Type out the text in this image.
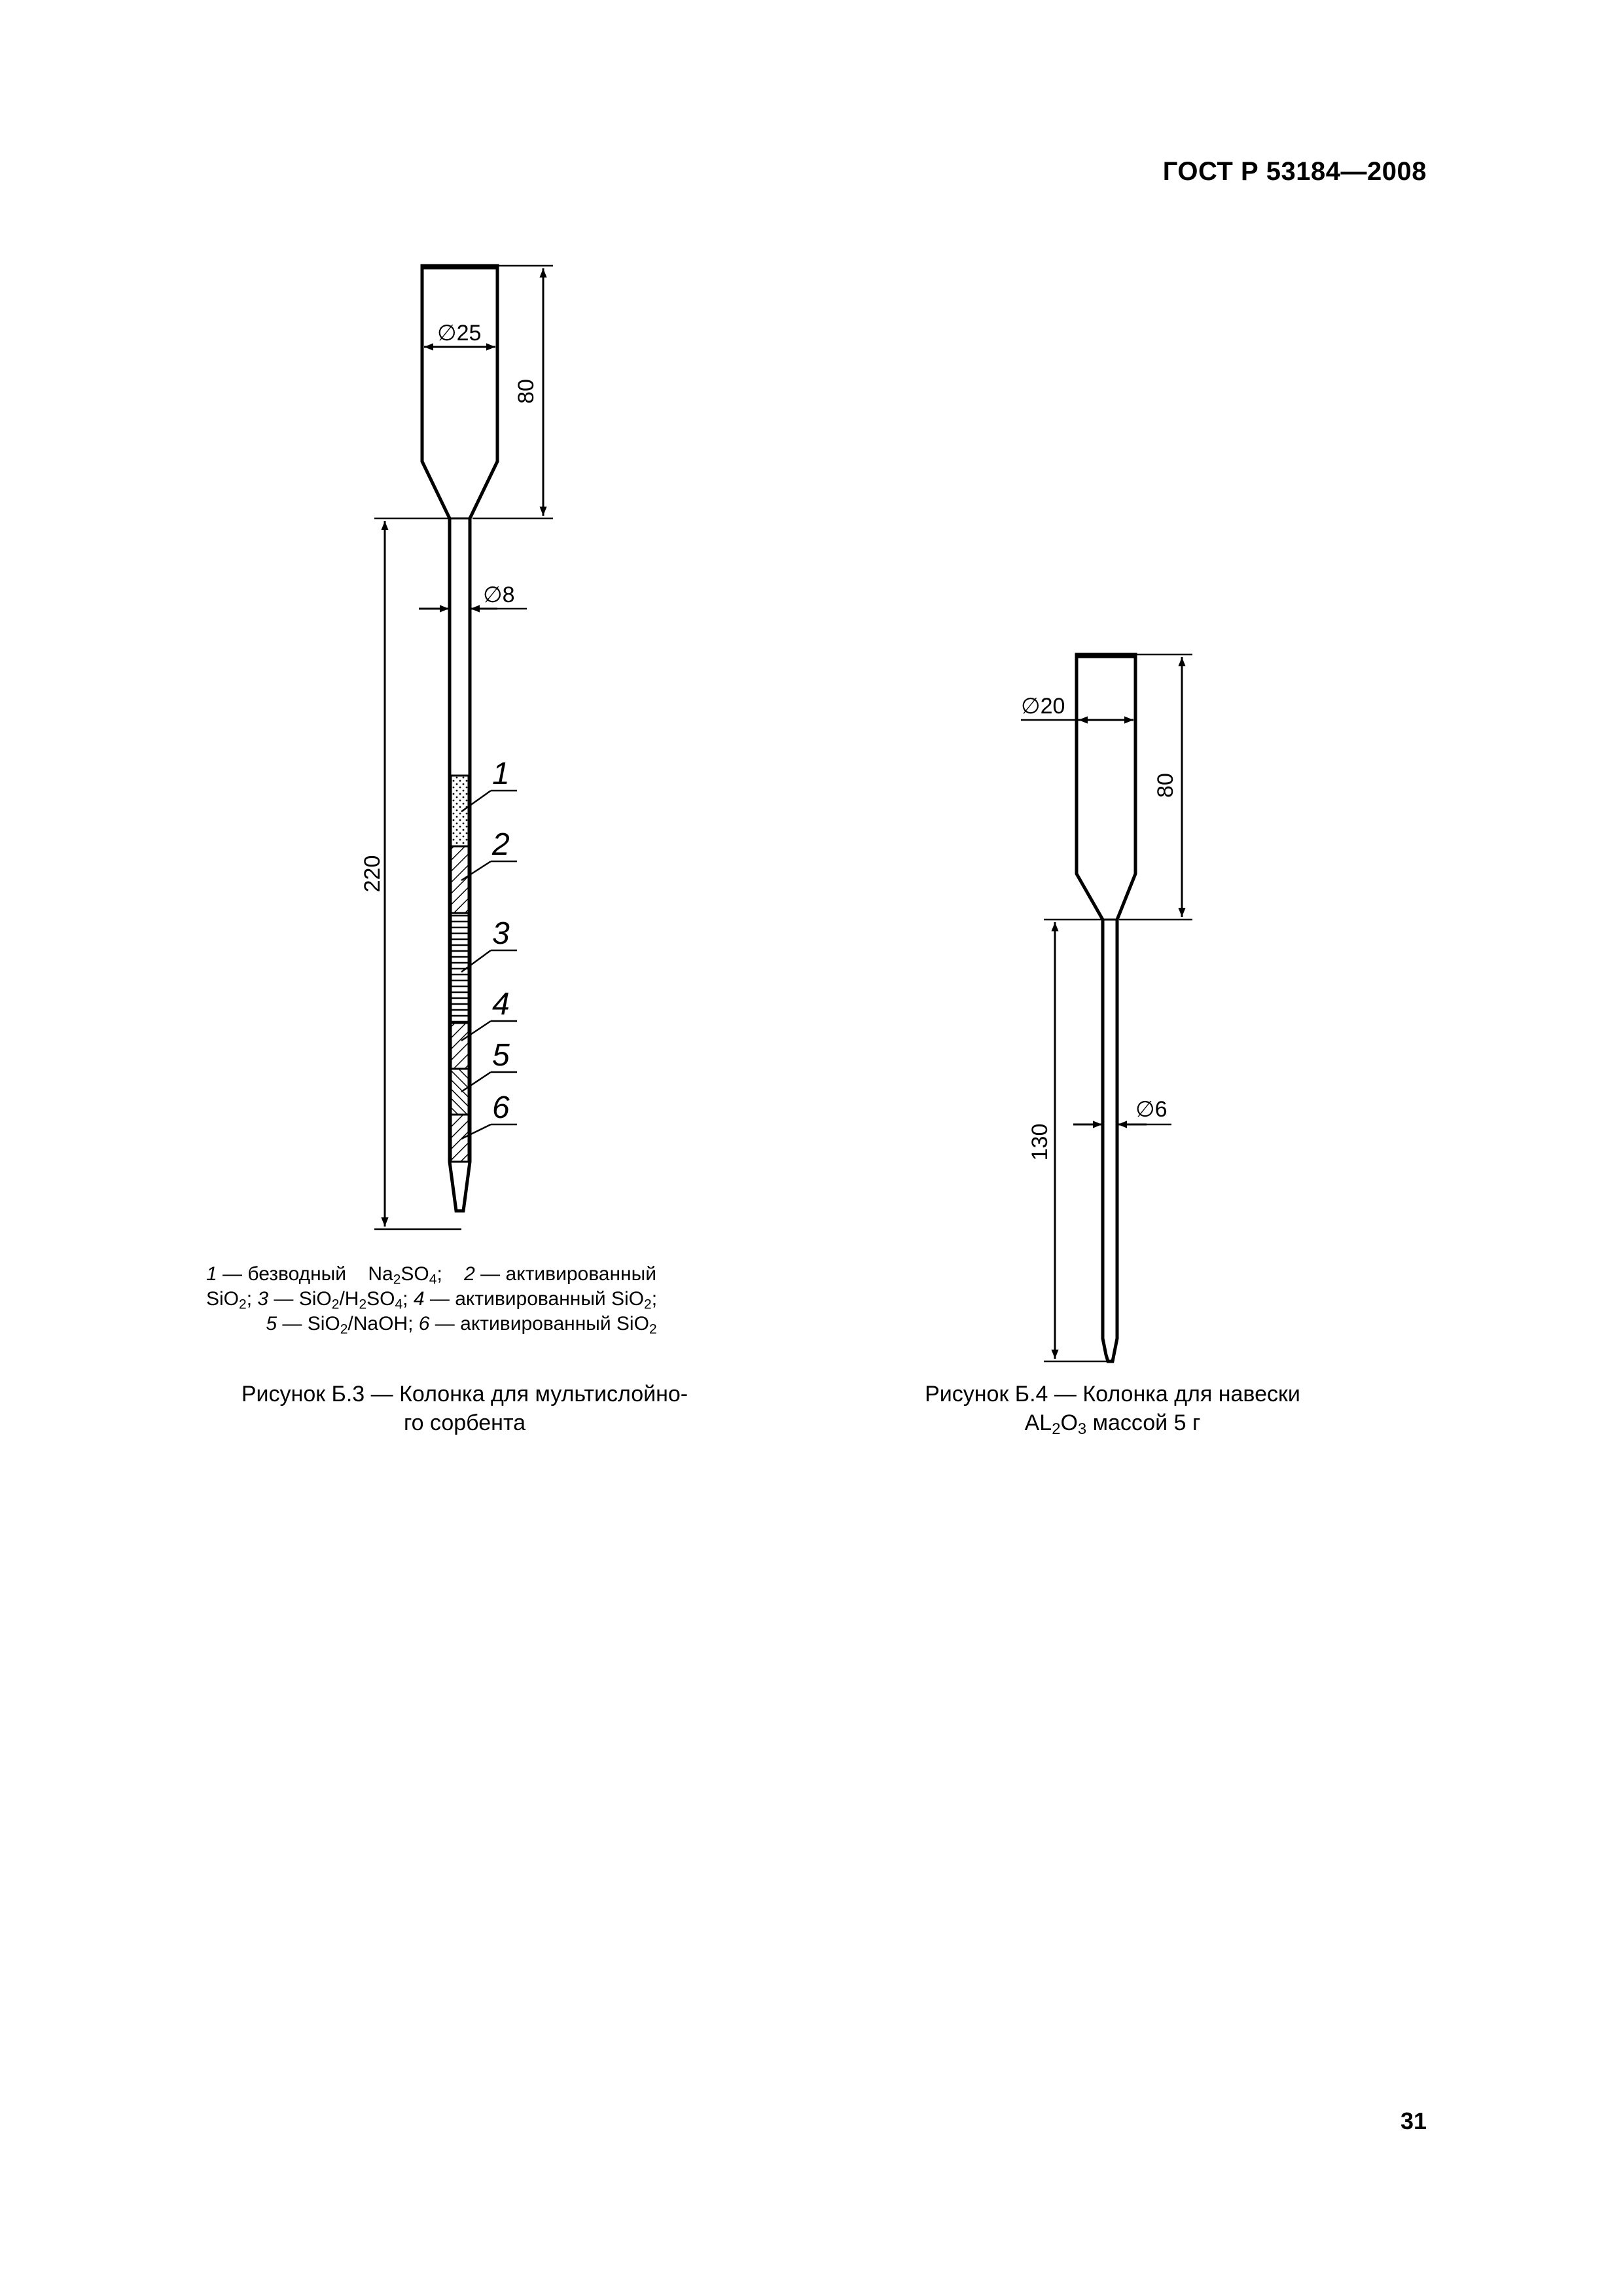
ГОСТ Р 53184—2008
∅25
80
220
∅8
1
2
3
4
5
6
∅20
80
130
∅6
1 — безводный    $Na_2SO_4$;    2 — активированный
SiO$_2$; 3 — $SiO_2/H_2SO_4$; 4 — активированный SiO$_2$;
5 — SiO$_2$/NaOH; 6 — активированный SiO$_2$
Рисунок Б.3 — Колонка для мультислойно-
го сорбента
Рисунок Б.4 — Колонка для навески
$AL_2O_3$ массой 5 г
31
